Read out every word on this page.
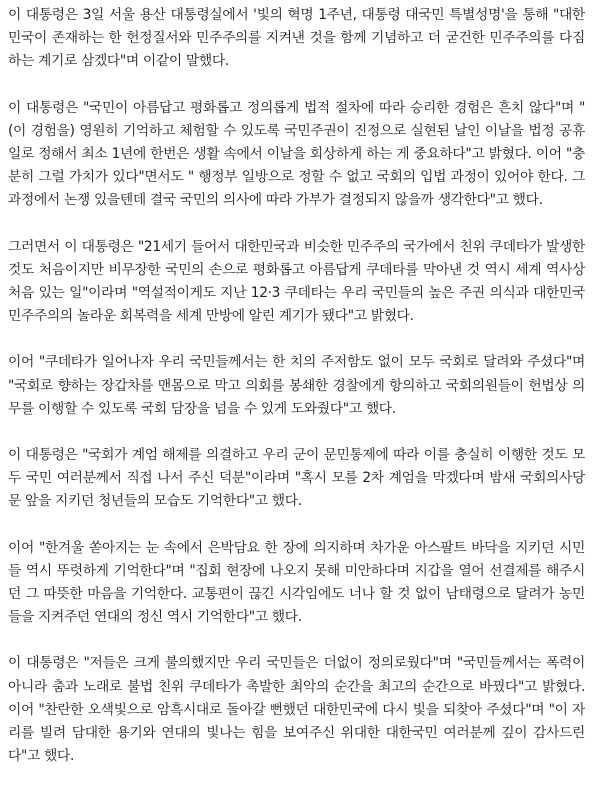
이 대통령은 3일 서울 용산 대통령실에서 '빛의 혁명 1주년, 대통령 대국민 특별성명'을 통해 "대한민국이 존재하는 한 헌정질서와 민주주의를 지켜낸 것을 함께 기념하고 더 굳건한 민주주의를 다짐하는 계기로 삼겠다"며 이같이 말했다.

이 대통령은 "국민이 아름답고 평화롭고 정의롭게 법적 절차에 따라 승리한 경험은 흔치 않다"며 "(이 경험을) 영원히 기억하고 체험할 수 있도록 국민주권이 진정으로 실현된 날인 이날을 법정 공휴일로 정해서 최소 1년에 한번은 생활 속에서 이날을 회상하게 하는 게 중요하다"고 밝혔다. 이어 "충분히 그럴 가치가 있다"면서도 " 행정부 일방으로 정할 수 없고 국회의 입법 과정이 있어야 한다. 그 과정에서 논쟁 있을텐데 결국 국민의 의사에 따라 가부가 결정되지 않을까 생각한다"고 했다.

그러면서 이 대통령은 "21세기 들어서 대한민국과 비슷한 민주주의 국가에서 친위 쿠데타가 발생한 것도 처음이지만 비무장한 국민의 손으로 평화롭고 아름답게 쿠데타를 막아낸 것 역시 세계 역사상 처음 있는 일"이라며 "역설적이게도 지난 12·3 쿠데타는 우리 국민들의 높은 주권 의식과 대한민국 민주주의의 놀라운 회복력을 세계 만방에 알린 계기가 됐다"고 밝혔다.

이어 "쿠데타가 일어나자 우리 국민들께서는 한 치의 주저함도 없이 모두 국회로 달려와 주셨다"며 "국회로 향하는 장갑차를 맨몸으로 막고 의회를 봉쇄한 경찰에게 항의하고 국회의원들이 헌법상 의무를 이행할 수 있도록 국회 담장을 넘을 수 있게 도와줬다"고 했다.

이 대통령은 "국회가 계엄 해제를 의결하고 우리 군이 문민통제에 따라 이를 충실히 이행한 것도 모두 국민 여러분께서 직접 나서 주신 덕분"이라며 "혹시 모를 2차 계엄을 막겠다며 밤새 국회의사당 문 앞을 지키던 청년들의 모습도 기억한다"고 했다.

이어 "한겨울 쏟아지는 눈 속에서 은박담요 한 장에 의지하며 차가운 아스팔트 바닥을 지키던 시민들 역시 뚜렷하게 기억한다"며 "집회 현장에 나오지 못해 미안하다며 지갑을 열어 선결제를 해주시던 그 따뜻한 마음을 기억한다. 교통편이 끊긴 시각임에도 너나 할 것 없이 남태령으로 달려가 농민들을 지켜주던 연대의 정신 역시 기억한다"고 했다.

이 대통령은 "저들은 크게 불의했지만 우리 국민들은 더없이 정의로웠다"며 "국민들께서는 폭력이 아니라 춤과 노래로 불법 친위 쿠데타가 촉발한 최악의 순간을 최고의 순간으로 바꿨다"고 밝혔다. 이어 "찬란한 오색빛으로 암흑시대로 돌아갈 뻔했던 대한민국에 다시 빛을 되찾아 주셨다"며 "이 자리를 빌려 담대한 용기와 연대의 빛나는 힘을 보여주신 위대한 대한국민 여러분께 깊이 감사드린다"고 했다.
